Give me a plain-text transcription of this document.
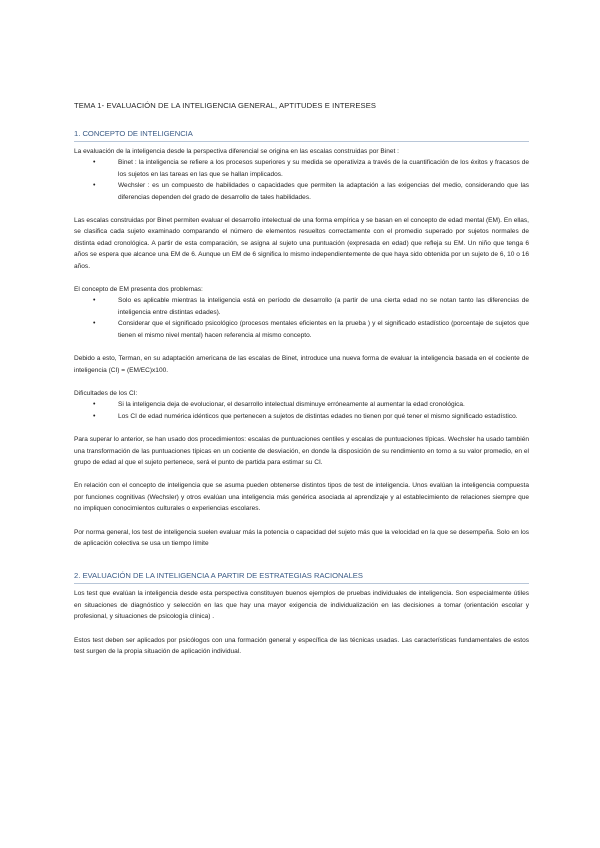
TEMA 1- EVALUACIÓN DE LA INTELIGENCIA GENERAL, APTITUDES E INTERESES
1. CONCEPTO DE INTELIGENCIA

La evaluación de la inteligencia desde la perspectiva diferencial se origina en las escalas construidas por Binet :

• Binet : la inteligencia se refiere a los procesos superiores y su medida se operativiza a través de la cuantificación de los éxitos y fracasos de los sujetos en las tareas en las que se hallan implicados.
• Wechsler : es un compuesto de habilidades o capacidades que permiten la adaptación a las exigencias del medio, considerando que las diferencias dependen del grado de desarrollo de tales habilidades.

Las escalas construidas por Binet permiten evaluar el desarrollo intelectual de una forma empírica y se basan en el concepto de edad mental (EM). En ellas, se clasifica cada sujeto examinado comparando el número de elementos resueltos correctamente con el promedio superado por sujetos normales de distinta edad cronológica. A partir de esta comparación, se asigna al sujeto una puntuación (expresada en edad) que refleja su EM. Un niño que tenga 6 años se espera que alcance una EM de 6. Aunque un EM de 6 significa lo mismo independientemente de que haya sido obtenida por un sujeto de 6, 10 o 16 años.

El concepto de EM presenta dos problemas:

• Solo es aplicable mientras la inteligencia está en período de desarrollo (a partir de una cierta edad no se notan tanto las diferencias de inteligencia entre distintas edades).
• Considerar que el significado psicológico (procesos mentales eficientes en la prueba ) y el significado estadístico (porcentaje de sujetos que tienen el mismo nivel mental) hacen referencia al mismo concepto.

Debido a esto, Terman, en su adaptación americana de las escalas de Binet, introduce una nueva forma de evaluar la inteligencia basada en el cociente de inteligencia (CI) = (EM/EC)x100.

Dificultades de los CI:

• Si la inteligencia deja de evolucionar, el desarrollo intelectual disminuye erróneamente al aumentar la edad cronológica.
• Los CI de edad numérica idénticos que pertenecen a sujetos de distintas edades no tienen por qué tener el mismo significado estadístico.

Para superar lo anterior, se han usado dos procedimientos: escalas de puntuaciones centiles y escalas de puntuaciones típicas. Wechsler ha usado también una transformación de las puntuaciones típicas en un cociente de desviación, en donde la disposición de su rendimiento en torno a su valor promedio, en el grupo de edad al que el sujeto pertenece, será el punto de partida para estimar su CI.

En relación con el concepto de inteligencia que se asuma pueden obtenerse distintos tipos de test de inteligencia. Unos evalúan la inteligencia compuesta por funciones cognitivas (Wechsler) y otros evalúan una inteligencia más genérica asociada al aprendizaje y al establecimiento de relaciones siempre que no impliquen conocimientos culturales o experiencias escolares.

Por norma general, los test de inteligencia suelen evaluar más la potencia o capacidad del sujeto más que la velocidad en la que se desempeña. Solo en los de aplicación colectiva se usa un tiempo límite

2. EVALUACIÓN DE LA INTELIGENCIA A PARTIR DE ESTRATEGIAS RACIONALES

Los test que evalúan la inteligencia desde esta perspectiva constituyen buenos ejemplos de pruebas individuales de inteligencia. Son especialmente útiles en situaciones de diagnóstico y selección en las que hay una mayor exigencia de individualización en las decisiones a tomar (orientación escolar y profesional, y situaciones de psicología clínica) .

Estos test deben ser aplicados por psicólogos con una formación general y específica de las técnicas usadas. Las características fundamentales de estos test surgen de la propia situación de aplicación individual.
